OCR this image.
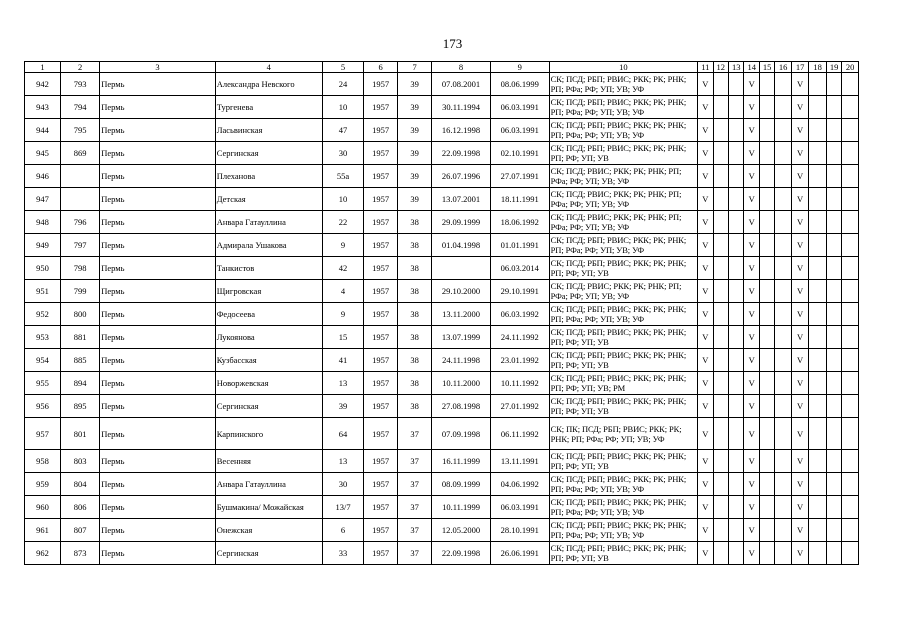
173
1	2	3	4	5	6	7	8	9	10	11	12	13	14	15	16	17	18	19	20
942	793	Пермь	Александра Невского	24	1957	39	07.08.2001	08.06.1999	СК; ПСД; РБП; РВИС; РКК; РК; РНК; РП; РФа; РФ; УП; УВ; УФ	V			V			V			
943	794	Пермь	Тургенева	10	1957	39	30.11.1994	06.03.1991	СК; ПСД; РБП; РВИС; РКК; РК; РНК; РП; РФа; РФ; УП; УВ; УФ	V			V			V			
944	795	Пермь	Ласьвинская	47	1957	39	16.12.1998	06.03.1991	СК; ПСД; РБП; РВИС; РКК; РК; РНК; РП; РФа; РФ; УП; УВ; УФ	V			V			V			
945	869	Пермь	Сергинская	30	1957	39	22.09.1998	02.10.1991	СК; ПСД; РБП; РВИС; РКК; РК; РНК; РП; РФ; УП; УВ	V			V			V			
946		Пермь	Плеханова	55а	1957	39	26.07.1996	27.07.1991	СК; ПСД; РВИС; РКК; РК; РНК; РП; РФа; РФ; УП; УВ; УФ	V			V			V			
947		Пермь	Детская	10	1957	39	13.07.2001	18.11.1991	СК; ПСД; РВИС; РКК; РК; РНК; РП; РФа; РФ; УП; УВ; УФ	V			V			V			
948	796	Пермь	Анвара Гатауллина	22	1957	38	29.09.1999	18.06.1992	СК; ПСД; РВИС; РКК; РК; РНК; РП; РФа; РФ; УП; УВ; УФ	V			V			V			
949	797	Пермь	Адмирала Ушакова	9	1957	38	01.04.1998	01.01.1991	СК; ПСД; РБП; РВИС; РКК; РК; РНК; РП; РФа; РФ; УП; УВ; УФ	V			V			V			
950	798	Пермь	Танкистов	42	1957	38		06.03.2014	СК; ПСД; РБП; РВИС; РКК; РК; РНК; РП; РФ; УП; УВ	V			V			V			
951	799	Пермь	Щигровская	4	1957	38	29.10.2000	29.10.1991	СК; ПСД; РВИС; РКК; РК; РНК; РП; РФа; РФ; УП; УВ; УФ	V			V			V			
952	800	Пермь	Федосеева	9	1957	38	13.11.2000	06.03.1992	СК; ПСД; РБП; РВИС; РКК; РК; РНК; РП; РФа; РФ; УП; УВ; УФ	V			V			V			
953	881	Пермь	Лукоянова	15	1957	38	13.07.1999	24.11.1992	СК; ПСД; РБП; РВИС; РКК; РК; РНК; РП; РФ; УП; УВ	V			V			V			
954	885	Пермь	Кузбасская	41	1957	38	24.11.1998	23.01.1992	СК; ПСД; РБП; РВИС; РКК; РК; РНК; РП; РФ; УП; УВ	V			V			V			
955	894	Пермь	Новоржевская	13	1957	38	10.11.2000	10.11.1992	СК; ПСД; РБП; РВИС; РКК; РК; РНК; РП; РФ; УП; УВ; РМ	V			V			V			
956	895	Пермь	Сергинская	39	1957	38	27.08.1998	27.01.1992	СК; ПСД; РБП; РВИС; РКК; РК; РНК; РП; РФ; УП; УВ	V			V			V			
957	801	Пермь	Карпинского	64	1957	37	07.09.1998	06.11.1992	СК; ПК; ПСД; РБП; РВИС; РКК; РК; РНК; РП; РФа; РФ; УП; УВ; УФ	V			V			V			
958	803	Пермь	Весенняя	13	1957	37	16.11.1999	13.11.1991	СК; ПСД; РБП; РВИС; РКК; РК; РНК; РП; РФ; УП; УВ	V			V			V			
959	804	Пермь	Анвара Гатауллина	30	1957	37	08.09.1999	04.06.1992	СК; ПСД; РБП; РВИС; РКК; РК; РНК; РП; РФа; РФ; УП; УВ; УФ	V			V			V			
960	806	Пермь	Бушмакина/ Можайская	13/7	1957	37	10.11.1999	06.03.1991	СК; ПСД; РБП; РВИС; РКК; РК; РНК; РП; РФа; РФ; УП; УВ; УФ	V			V			V			
961	807	Пермь	Онежская	6	1957	37	12.05.2000	28.10.1991	СК; ПСД; РБП; РВИС; РКК; РК; РНК; РП; РФа; РФ; УП; УВ; УФ	V			V			V			
962	873	Пермь	Сергинская	33	1957	37	22.09.1998	26.06.1991	СК; ПСД; РБП; РВИС; РКК; РК; РНК; РП; РФ; УП; УВ	V			V			V			
